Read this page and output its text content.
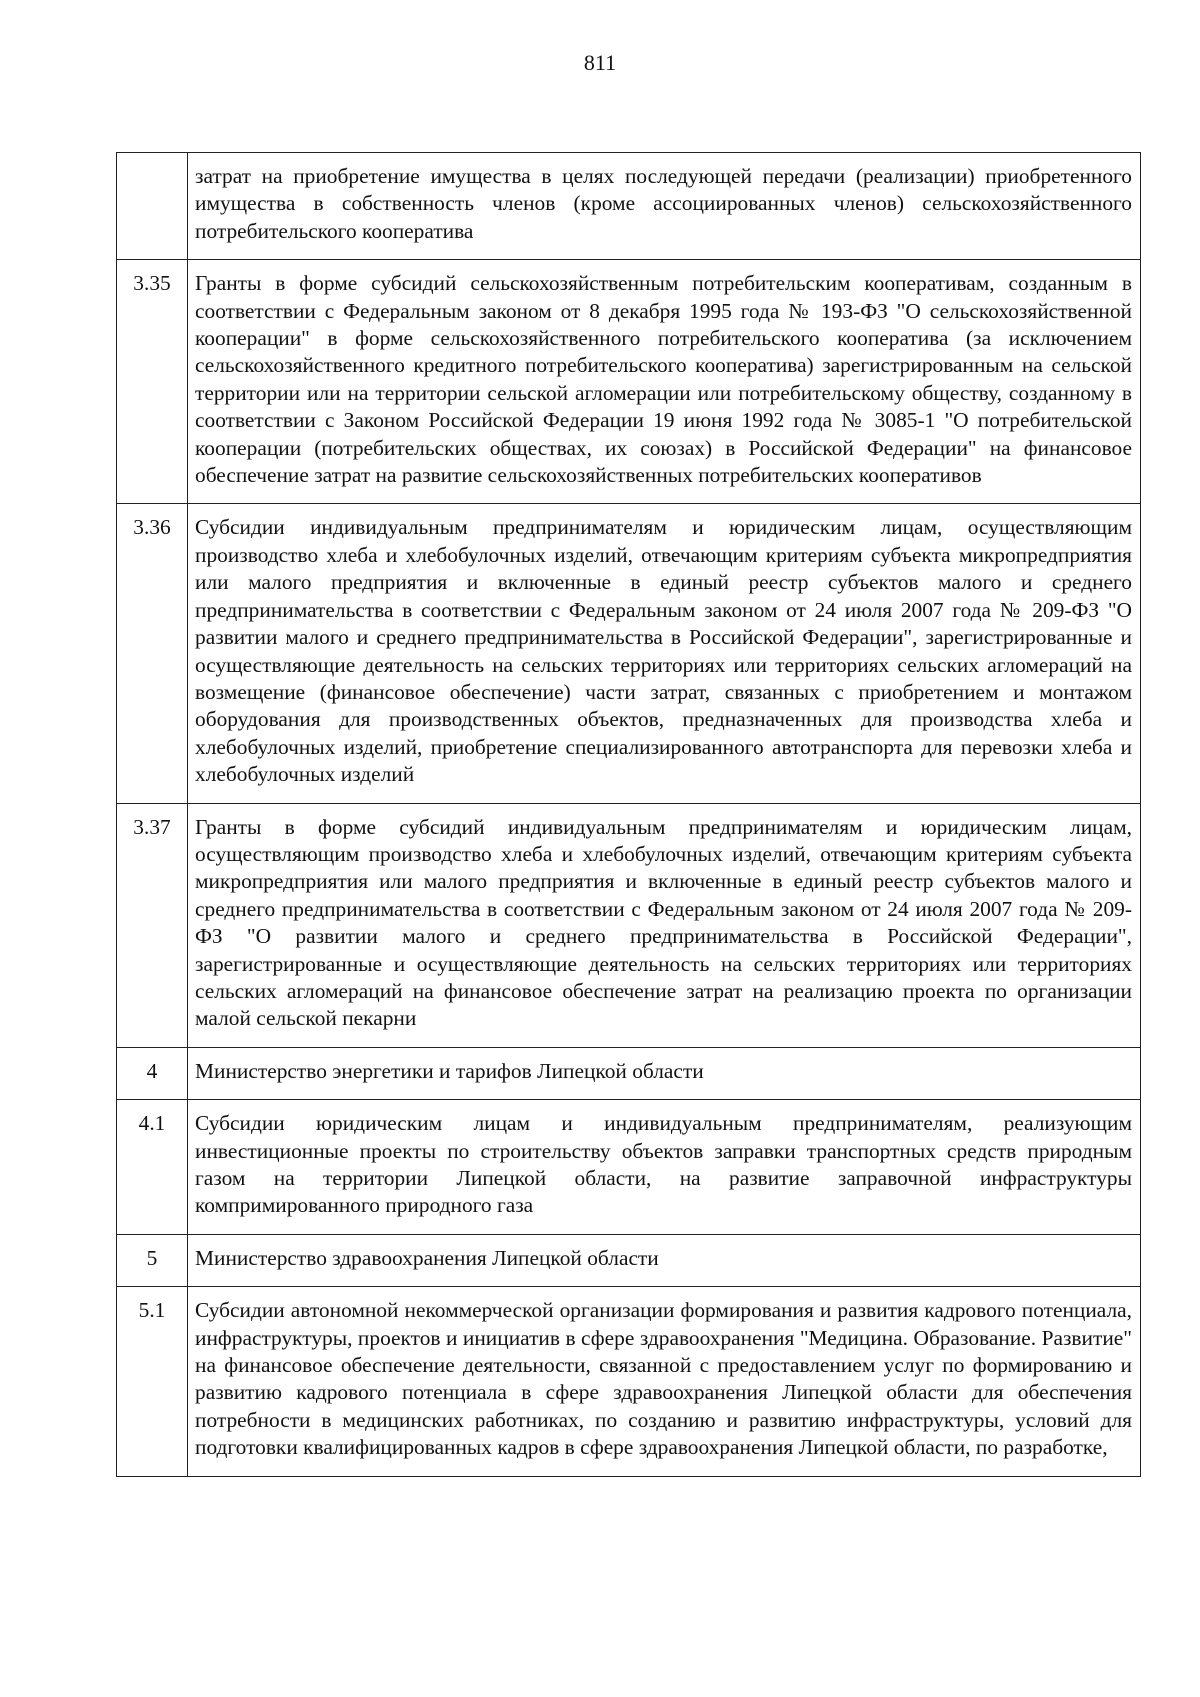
811
	затрат на приобретение имущества в целях последующей передачи (реализации) приобретенного имущества в собственность членов (кроме ассоциированных членов) сельскохозяйственного потребительского кооператива
3.35	Гранты в форме субсидий сельскохозяйственным потребительским кооперативам, созданным в соответствии с Федеральным законом от 8 декабря 1995 года № 193-ФЗ "О сельскохозяйственной кооперации" в форме сельскохозяйственного потребительского кооператива (за исключением сельскохозяйственного кредитного потребительского кооператива) зарегистрированным на сельской территории или на территории сельской агломерации или потребительскому обществу, созданному в соответствии с Законом Российской Федерации 19 июня 1992 года № 3085-1 "О потребительской кооперации (потребительских обществах, их союзах) в Российской Федерации" на финансовое обеспечение затрат на развитие сельскохозяйственных потребительских кооперативов
3.36	Субсидии индивидуальным предпринимателям и юридическим лицам, осуществляющим производство хлеба и хлебобулочных изделий, отвечающим критериям субъекта микропредприятия или малого предприятия и включенные в единый реестр субъектов малого и среднего предпринимательства в соответствии с Федеральным законом от 24 июля 2007 года № 209-ФЗ "О развитии малого и среднего предпринимательства в Российской Федерации", зарегистрированные и осуществляющие деятельность на сельских территориях или территориях сельских агломераций на возмещение (финансовое обеспечение) части затрат, связанных с приобретением и монтажом оборудования для производственных объектов, предназначенных для производства хлеба и хлебобулочных изделий, приобретение специализированного автотранспорта для перевозки хлеба и хлебобулочных изделий
3.37	Гранты в форме субсидий индивидуальным предпринимателям и юридическим лицам, осуществляющим производство хлеба и хлебобулочных изделий, отвечающим критериям субъекта микропредприятия или малого предприятия и включенные в единый реестр субъектов малого и среднего предпринимательства в соответствии с Федеральным законом от 24 июля 2007 года № 209-ФЗ "О развитии малого и среднего предпринимательства в Российской Федерации", зарегистрированные и осуществляющие деятельность на сельских территориях или территориях сельских агломераций на финансовое обеспечение затрат на реализацию проекта по организации малой сельской пекарни
4	Министерство энергетики и тарифов Липецкой области
4.1	Субсидии юридическим лицам и индивидуальным предпринимателям, реализующим инвестиционные проекты по строительству объектов заправки транспортных средств природным газом на территории Липецкой области, на развитие заправочной инфраструктуры компримированного природного газа
5	Министерство здравоохранения Липецкой области
5.1	Субсидии автономной некоммерческой организации формирования и развития кадрового потенциала, инфраструктуры, проектов и инициатив в сфере здравоохранения "Медицина. Образование. Развитие" на финансовое обеспечение деятельности, связанной с предоставлением услуг по формированию и развитию кадрового потенциала в сфере здравоохранения Липецкой области для обеспечения потребности в медицинских работниках, по созданию и развитию инфраструктуры, условий для подготовки квалифицированных кадров в сфере здравоохранения Липецкой области, по разработке,
